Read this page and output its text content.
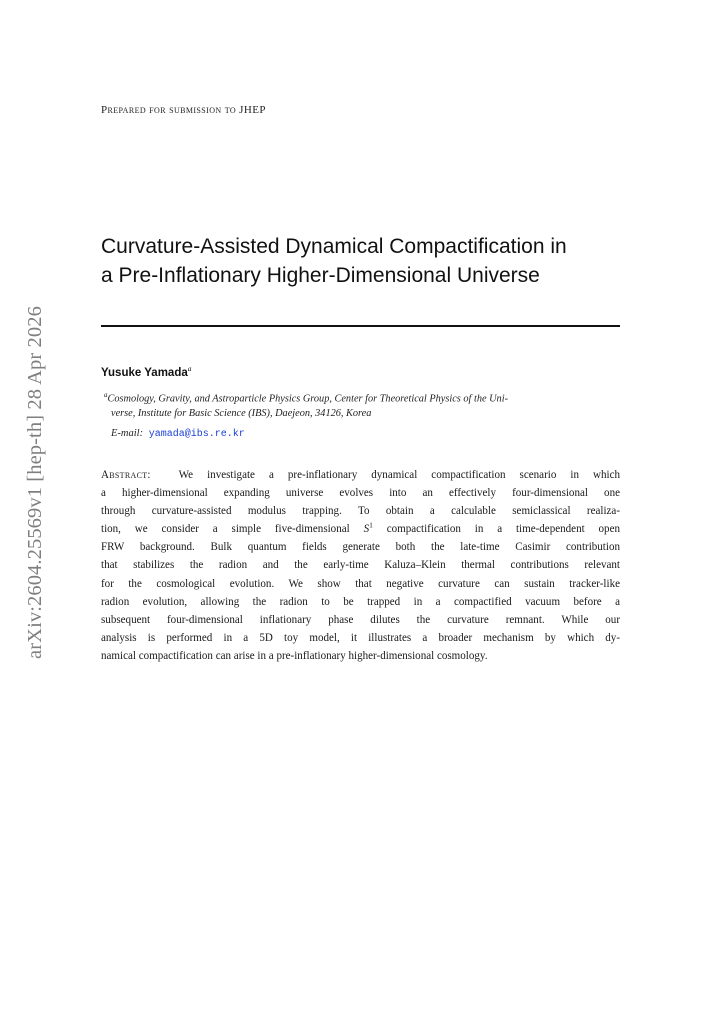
arXiv:2604.25569v1 [hep-th] 28 Apr 2026
Prepared for submission to JHEP
Curvature-Assisted Dynamical Compactification in
a Pre-Inflationary Higher-Dimensional Universe
Yusuke Yamada$^a$
$^a$Cosmology, Gravity, and Astroparticle Physics Group, Center for Theoretical Physics of the Uni-
verse, Institute for Basic Science (IBS), Daejeon, 34126, Korea
E-mail: yamada@ibs.re.kr
Abstract:	We investigate a pre-inflationary dynamical compactification scenario in which
a higher-dimensional expanding universe evolves into an effectively four-dimensional one
through curvature-assisted modulus trapping. To obtain a calculable semiclassical realiza-
tion, we consider a simple five-dimensional $S^1$ compactification in a time-dependent open
FRW background. Bulk quantum fields generate both the late-time Casimir contribution
that stabilizes the radion and the early-time Kaluza–Klein thermal contributions relevant
for the cosmological evolution. We show that negative curvature can sustain tracker-like
radion evolution, allowing the radion to be trapped in a compactified vacuum before a
subsequent four-dimensional inflationary phase dilutes the curvature remnant. While our
analysis is performed in a 5D toy model, it illustrates a broader mechanism by which dy-
namical compactification can arise in a pre-inflationary higher-dimensional cosmology.
